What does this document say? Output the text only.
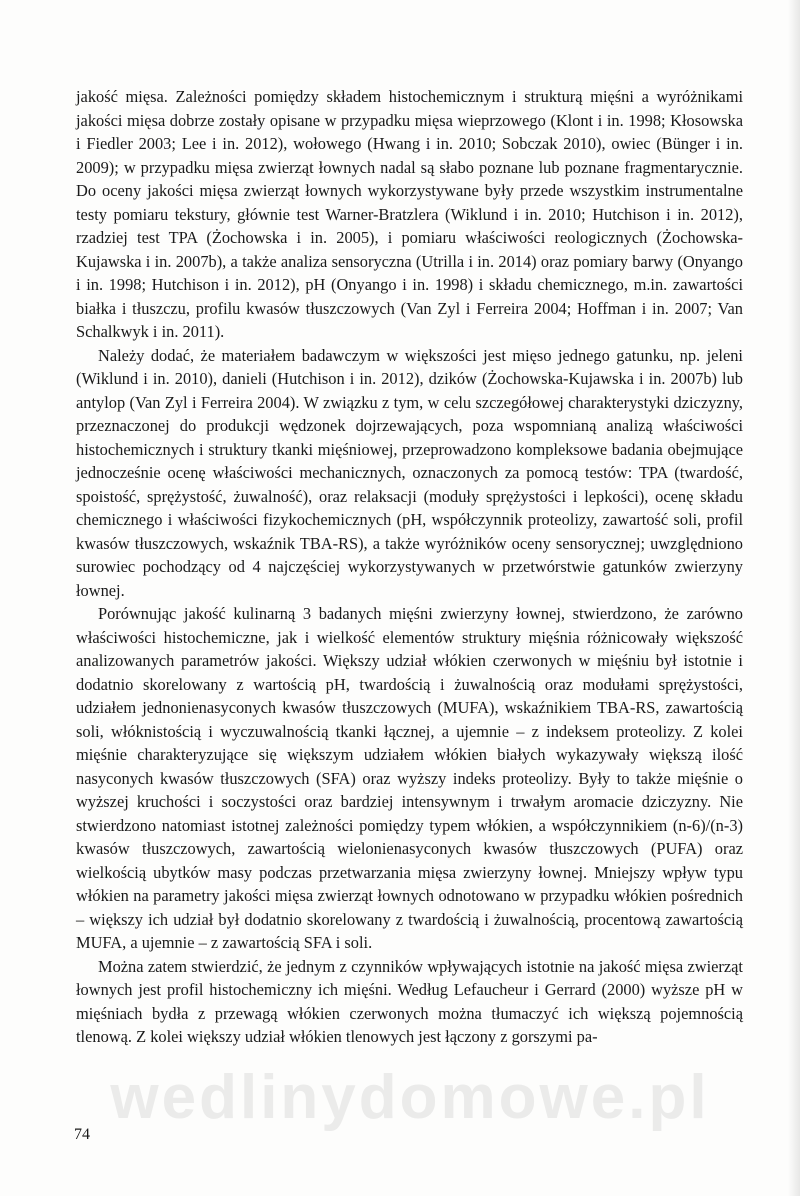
jakość mięsa. Zależności pomiędzy składem histochemicznym i strukturą mięśni a wyróżnikami jakości mięsa dobrze zostały opisane w przypadku mięsa wieprzowego (Klont i in. 1998; Kłosowska i Fiedler 2003; Lee i in. 2012), wołowego (Hwang i in. 2010; Sobczak 2010), owiec (Bünger i in. 2009); w przypadku mięsa zwierząt łownych nadal są słabo poznane lub poznane fragmentarycznie. Do oceny jakości mięsa zwierząt łownych wykorzystywane były przede wszystkim instrumentalne testy pomiaru tekstury, głównie test Warner-Bratzlera (Wiklund i in. 2010; Hutchison i in. 2012), rzadziej test TPA (Żochowska i in. 2005), i pomiaru właściwości reologicznych (Żochowska-Kujawska i in. 2007b), a także analiza sensoryczna (Utrilla i in. 2014) oraz pomiary barwy (Onyango i in. 1998; Hutchison i in. 2012), pH (Onyango i in. 1998) i składu chemicznego, m.in. zawartości białka i tłuszczu, profilu kwasów tłuszczowych (Van Zyl i Ferreira 2004; Hoffman i in. 2007; Van Schalkwyk i in. 2011).

Należy dodać, że materiałem badawczym w większości jest mięso jednego gatunku, np. jeleni (Wiklund i in. 2010), danieli (Hutchison i in. 2012), dzików (Żochowska-Kujawska i in. 2007b) lub antylop (Van Zyl i Ferreira 2004). W związku z tym, w celu szczegółowej charakterystyki dziczyzny, przeznaczonej do produkcji wędzonek dojrzewających, poza wspomnianą analizą właściwości histochemicznych i struktury tkanki mięśniowej, przeprowadzono kompleksowe badania obejmujące jednocześnie ocenę właściwości mechanicznych, oznaczonych za pomocą testów: TPA (twardość, spoistość, sprężystość, żuwalność), oraz relaksacji (moduły sprężystości i lepkości), ocenę składu chemicznego i właściwości fizykochemicznych (pH, współczynnik proteolizy, zawartość soli, profil kwasów tłuszczowych, wskaźnik TBA-RS), a także wyróżników oceny sensorycznej; uwzględniono surowiec pochodzący od 4 najczęściej wykorzystywanych w przetwórstwie gatunków zwierzyny łownej.

Porównując jakość kulinarną 3 badanych mięśni zwierzyny łownej, stwierdzono, że zarówno właściwości histochemiczne, jak i wielkość elementów struktury mięśnia różnicowały większość analizowanych parametrów jakości. Większy udział włókien czerwonych w mięśniu był istotnie i dodatnio skorelowany z wartością pH, twardością i żuwalnością oraz modułami sprężystości, udziałem jednonienasyconych kwasów tłuszczowych (MUFA), wskaźnikiem TBA-RS, zawartością soli, włóknistością i wyczuwalnością tkanki łącznej, a ujemnie – z indeksem proteolizy. Z kolei mięśnie charakteryzujące się większym udziałem włókien białych wykazywały większą ilość nasyconych kwasów tłuszczowych (SFA) oraz wyższy indeks proteolizy. Były to także mięśnie o wyższej kruchości i soczystości oraz bardziej intensywnym i trwałym aromacie dziczyzny. Nie stwierdzono natomiast istotnej zależności pomiędzy typem włókien, a współczynnikiem (n-6)/(n-3) kwasów tłuszczowych, zawartością wielonienasyconych kwasów tłuszczowych (PUFA) oraz wielkością ubytków masy podczas przetwarzania mięsa zwierzyny łownej. Mniejszy wpływ typu włókien na parametry jakości mięsa zwierząt łownych odnotowano w przypadku włókien pośrednich – większy ich udział był dodatnio skorelowany z twardością i żuwalnością, procentową zawartością MUFA, a ujemnie – z zawartością SFA i soli.

Można zatem stwierdzić, że jednym z czynników wpływających istotnie na jakość mięsa zwierząt łownych jest profil histochemiczny ich mięśni. Według Lefaucheur i Gerrard (2000) wyższe pH w mięśniach bydła z przewagą włókien czerwonych można tłumaczyć ich większą pojemnością tlenową. Z kolei większy udział włókien tlenowych jest łączony z gorszymi pa-

wedlinydomowe.pl
74
